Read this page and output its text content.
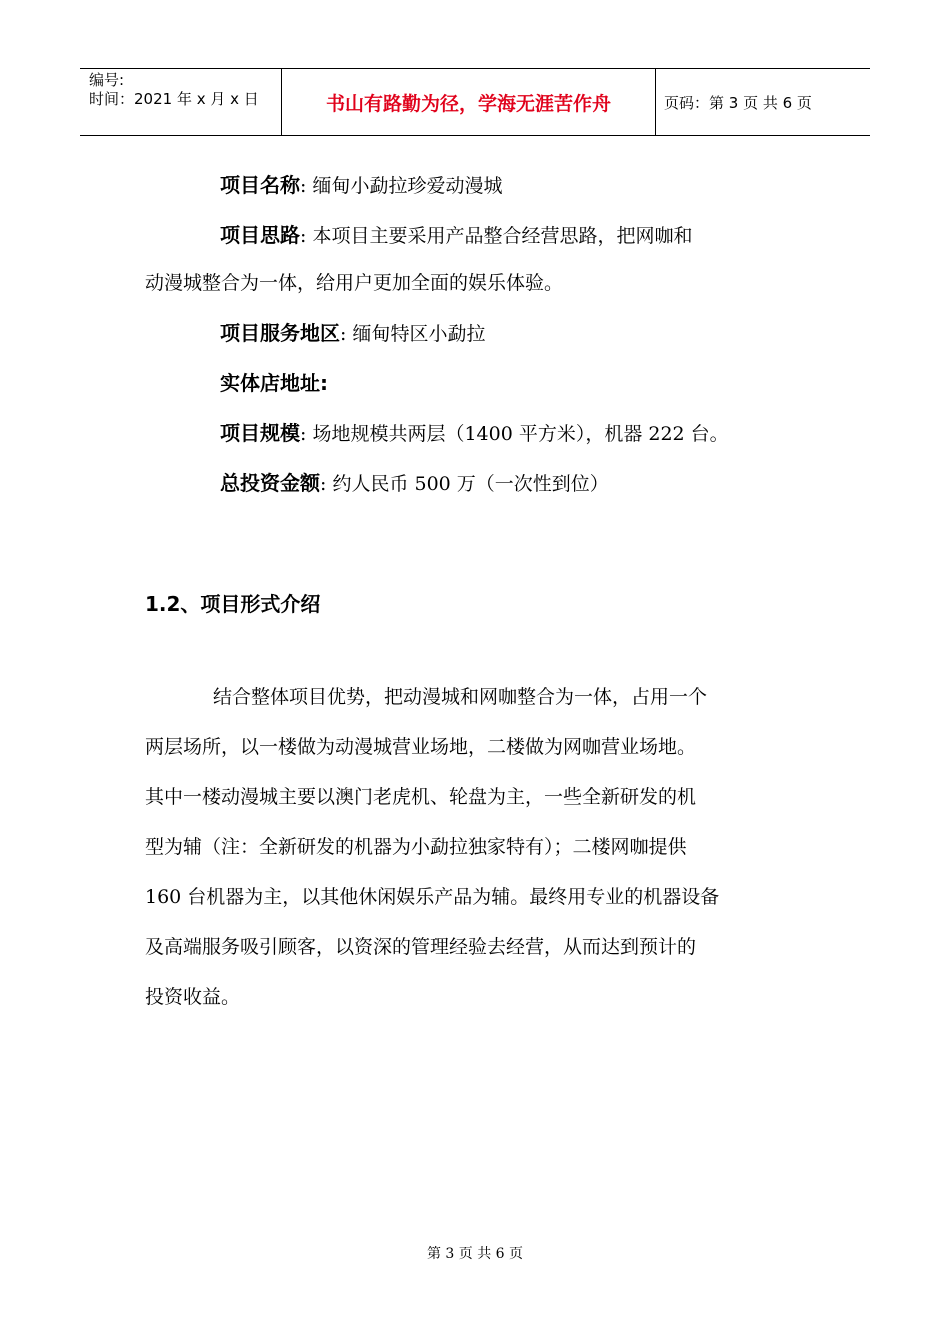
编号:
时间：2021 年 x 月 x 日	书山有路勤为径，学海无涯苦作舟	页码：第 3 页 共 6 页
项目名称: 缅甸小勐拉珍爱动漫城
项目思路: 本项目主要采用产品整合经营思路，把网咖和
动漫城整合为一体，给用户更加全面的娱乐体验。
项目服务地区: 缅甸特区小勐拉
实体店地址:
项目规模: 场地规模共两层（1400 平方米），机器 222 台。
总投资金额: 约人民币 500 万（一次性到位）
1.2、项目形式介绍
结合整体项目优势，把动漫城和网咖整合为一体，占用一个
两层场所，以一楼做为动漫城营业场地，二楼做为网咖营业场地。
其中一楼动漫城主要以澳门老虎机、轮盘为主，一些全新研发的机
型为辅（注：全新研发的机器为小勐拉独家特有）；二楼网咖提供
160 台机器为主，以其他休闲娱乐产品为辅。最终用专业的机器设备
及高端服务吸引顾客，以资深的管理经验去经营，从而达到预计的
投资收益。
第 3 页 共 6 页
